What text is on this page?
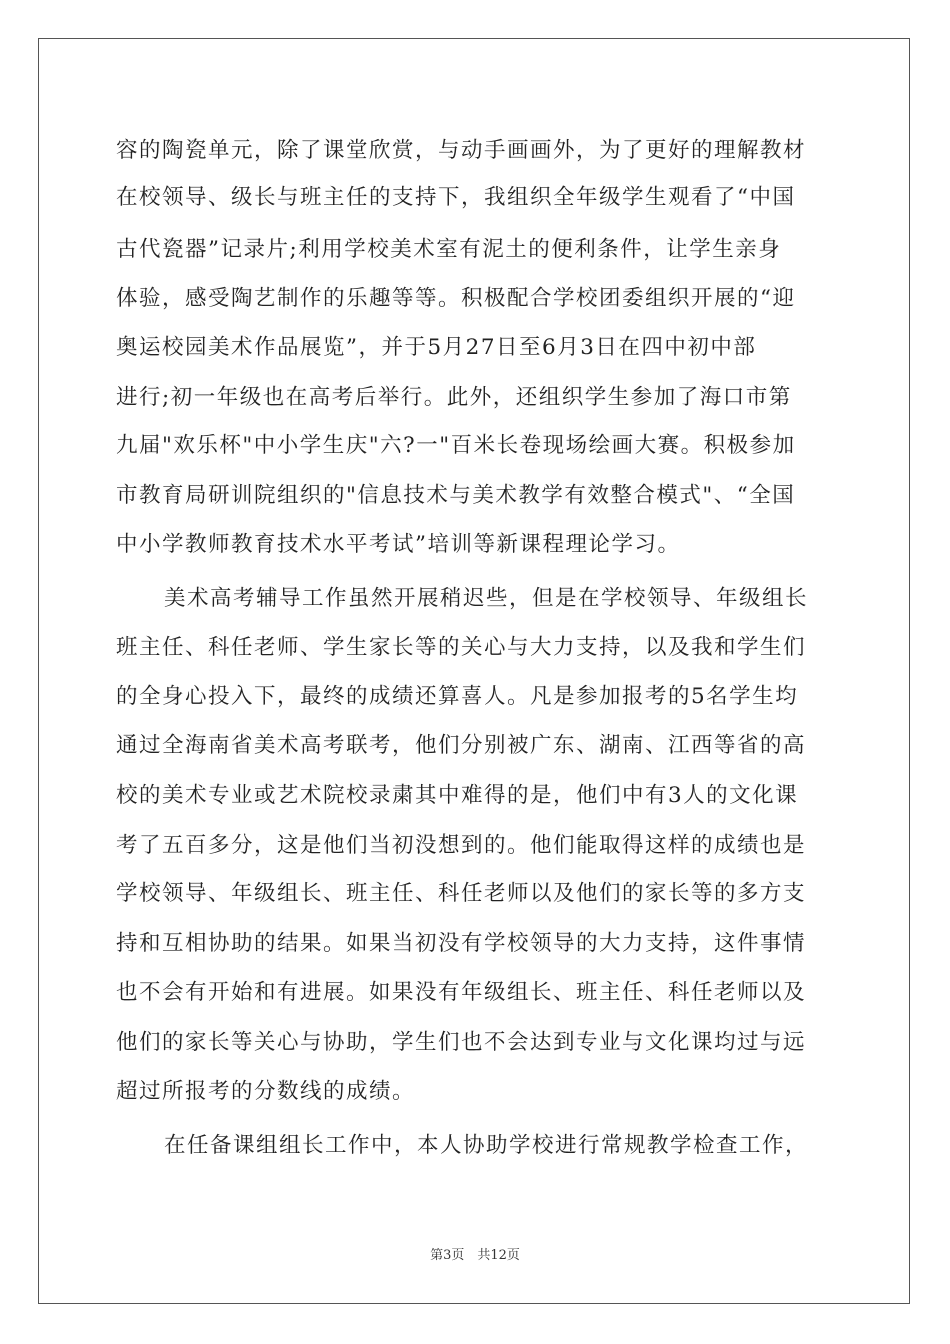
容的陶瓷单元，除了课堂欣赏，与动手画画外，为了更好的理解教材
在校领导、级长与班主任的支持下，我组织全年级学生观看了“中国
古代瓷器”记录片;利用学校美术室有泥土的便利条件，让学生亲身
体验，感受陶艺制作的乐趣等等。积极配合学校团委组织开展的“迎
奥运校园美术作品展览”，并于5月27日至6月3日在四中初中部
进行;初一年级也在高考后举行。此外，还组织学生参加了海口市第
九届"欢乐杯"中小学生庆"六?一"百米长卷现场绘画大赛。积极参加
市教育局研训院组织的"信息技术与美术教学有效整合模式"、“全国
中小学教师教育技术水平考试”培训等新课程理论学习。
美术高考辅导工作虽然开展稍迟些，但是在学校领导、年级组长
班主任、科任老师、学生家长等的关心与大力支持，以及我和学生们
的全身心投入下，最终的成绩还算喜人。凡是参加报考的5名学生均
通过全海南省美术高考联考，他们分别被广东、湖南、江西等省的高
校的美术专业或艺术院校录粛其中难得的是，他们中有3人的文化课
考了五百多分，这是他们当初没想到的。他们能取得这样的成绩也是
学校领导、年级组长、班主任、科任老师以及他们的家长等的多方支
持和互相协助的结果。如果当初没有学校领导的大力支持，这件事情
也不会有开始和有进展。如果没有年级组长、班主任、科任老师以及
他们的家长等关心与协助，学生们也不会达到专业与文化课均过与远
超过所报考的分数线的成绩。
在任备课组组长工作中，本人协助学校进行常规教学检查工作，
第3页　共12页
